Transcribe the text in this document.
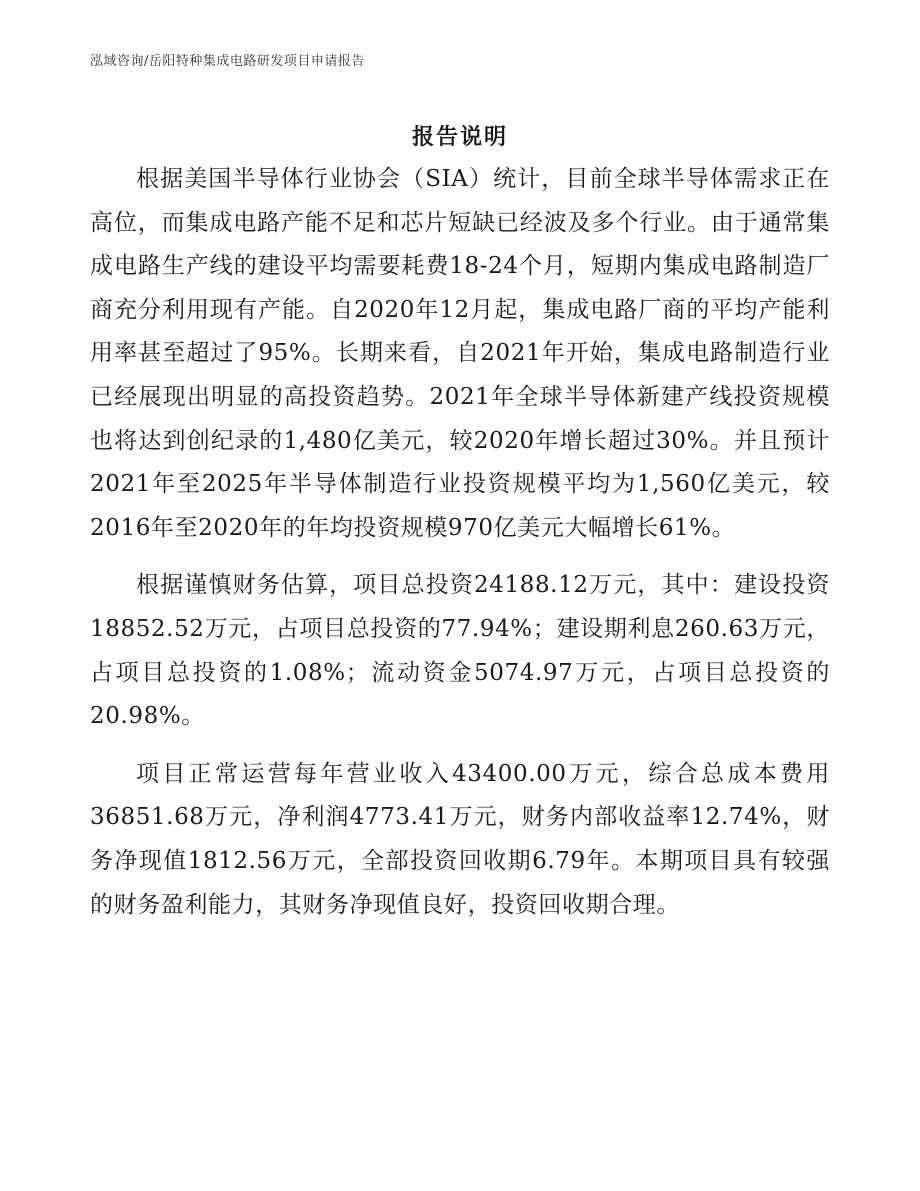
泓域咨询/岳阳特种集成电路研发项目申请报告
报告说明

根据美国半导体行业协会（SIA）统计，目前全球半导体需求正在高位，而集成电路产能不足和芯片短缺已经波及多个行业。由于通常集成电路生产线的建设平均需要耗费18-24个月，短期内集成电路制造厂商充分利用现有产能。自2020年12月起，集成电路厂商的平均产能利用率甚至超过了95%。长期来看，自2021年开始，集成电路制造行业已经展现出明显的高投资趋势。2021年全球半导体新建产线投资规模也将达到创纪录的1,480亿美元，较2020年增长超过30%。并且预计2021年至2025年半导体制造行业投资规模平均为1,560亿美元，较2016年至2020年的年均投资规模970亿美元大幅增长61%。

根据谨慎财务估算，项目总投资24188.12万元，其中：建设投资18852.52万元，占项目总投资的77.94%；建设期利息260.63万元，占项目总投资的1.08%；流动资金5074.97万元，占项目总投资的20.98%。

项目正常运营每年营业收入43400.00万元，综合总成本费用36851.68万元，净利润4773.41万元，财务内部收益率12.74%，财务净现值1812.56万元，全部投资回收期6.79年。本期项目具有较强的财务盈利能力，其财务净现值良好，投资回收期合理。
